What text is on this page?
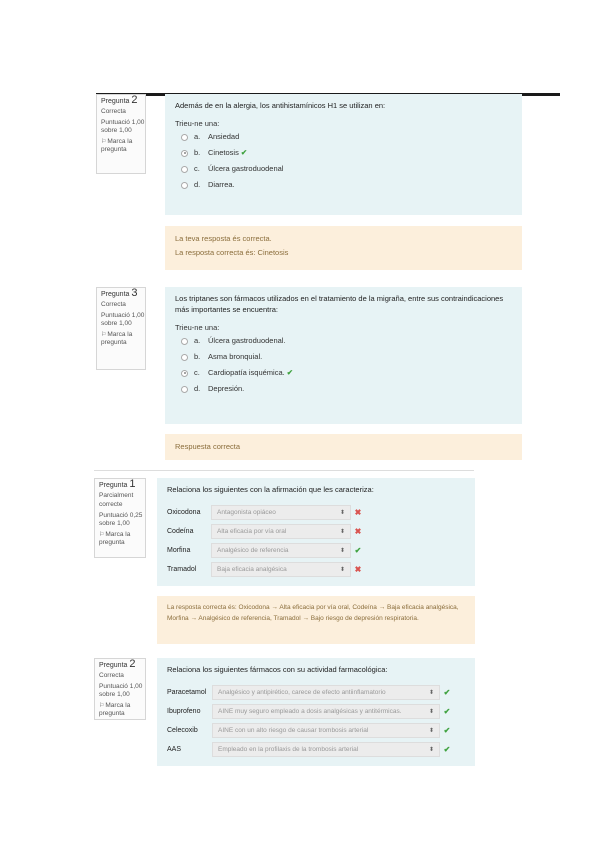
Pregunta 2
Correcta
Puntuació 1,00 sobre 1,00
⚐Marca la pregunta
Además de en la alergia, los antihistamínicos H1 se utilizan en:
Trieu-ne una:
a.	Ansiedad
b.	Cinetosis ✔
c.	Úlcera gastroduodenal
d.	Diarrea.
La teva resposta és correcta.
La resposta correcta és: Cinetosis
Pregunta 3
Correcta
Puntuació 1,00 sobre 1,00
⚐Marca la pregunta
Los triptanes son fármacos utilizados en el tratamiento de la migraña, entre sus contraindicaciones más importantes se encuentra:
Trieu-ne una:
a.	Úlcera gastroduodenal.
b.	Asma bronquial.
c.	Cardiopatía isquémica. ✔
d.	Depresión.
Respuesta correcta
Pregunta 1
Parcialment correcte
Puntuació 0,25 sobre 1,00
⚐Marca la pregunta
Relaciona los siguientes con la afirmación que les caracteriza:
Oxicodona	Antagonista opiáceo	⬍	✖
Codeína	Alta eficacia por vía oral	⬍	✖
Morfina	Analgésico de referencia	⬍	✔
Tramadol	Baja eficacia analgésica	⬍	✖
La resposta correcta és: Oxicodona → Alta eficacia por vía oral, Codeína → Baja eficacia analgésica, Morfina → Analgésico de referencia, Tramadol → Bajo riesgo de depresión respiratoria.
Pregunta 2
Correcta
Puntuació 1,00 sobre 1,00
⚐Marca la pregunta
Relaciona los siguientes fármacos con su actividad farmacológica:
Paracetamol	Analgésico y antipirético, carece de efecto antiinflamatorio	⬍	✔
Ibuprofeno	AINE muy seguro empleado a dosis analgésicas y antitérmicas.	⬍	✔
Celecoxib	AINE con un alto riesgo de causar trombosis arterial	⬍	✔
AAS	Empleado en la profilaxis de la trombosis arterial	⬍	✔
